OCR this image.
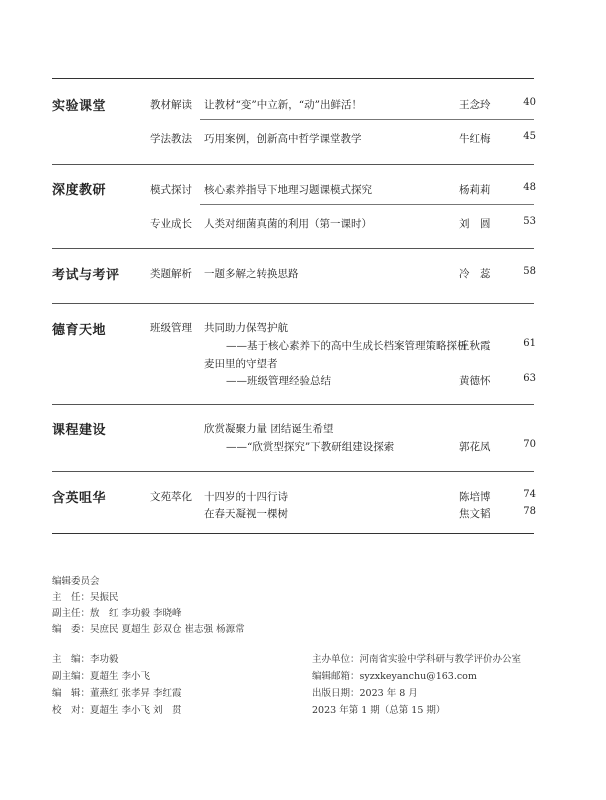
实验课堂	教材解读 让教材“变”中立新，“动”出鲜活！	王念玲	40
学法教法 巧用案例，创新高中哲学课堂教学	牛红梅	45
深度教研	模式探讨 核心素养指导下地理习题课模式探究	杨莉莉	48
专业成长 人类对细菌真菌的利用（第一课时）	刘　圆	53
考试与考评	类题解析 一题多解之转换思路	冷　蕊	58
德育天地	班级管理 共同助力保驾护航
——基于核心素养下的高中生成长档案管理策略探析
王秋霞	61
麦田里的守望者
——班级管理经验总结	黄德怀	63
课程建设	欣赏凝聚力量 团结诞生希望
——“欣赏型探究”下教研组建设探索	郭花凤	70
含英咀华	文苑萃化 十四岁的十四行诗	陈培博	74
在春天凝视一棵树	焦文韬	78
编辑委员会
主　任：吴振民
副主任：敖　红 李功毅 李晓峰
编　委：吴庶民 夏超生 彭双仓 崔志强 杨源常
主　编：李功毅
副主编：夏超生 李小飞
编　辑：董燕红 张孝昇 李红霞
校　对：夏超生 李小飞 刘　贯
主办单位：河南省实验中学科研与教学评价办公室
编辑邮箱：syzxkeyanchu@163.com
出版日期：2023 年 8 月
2023 年第 1 期（总第 15 期）
